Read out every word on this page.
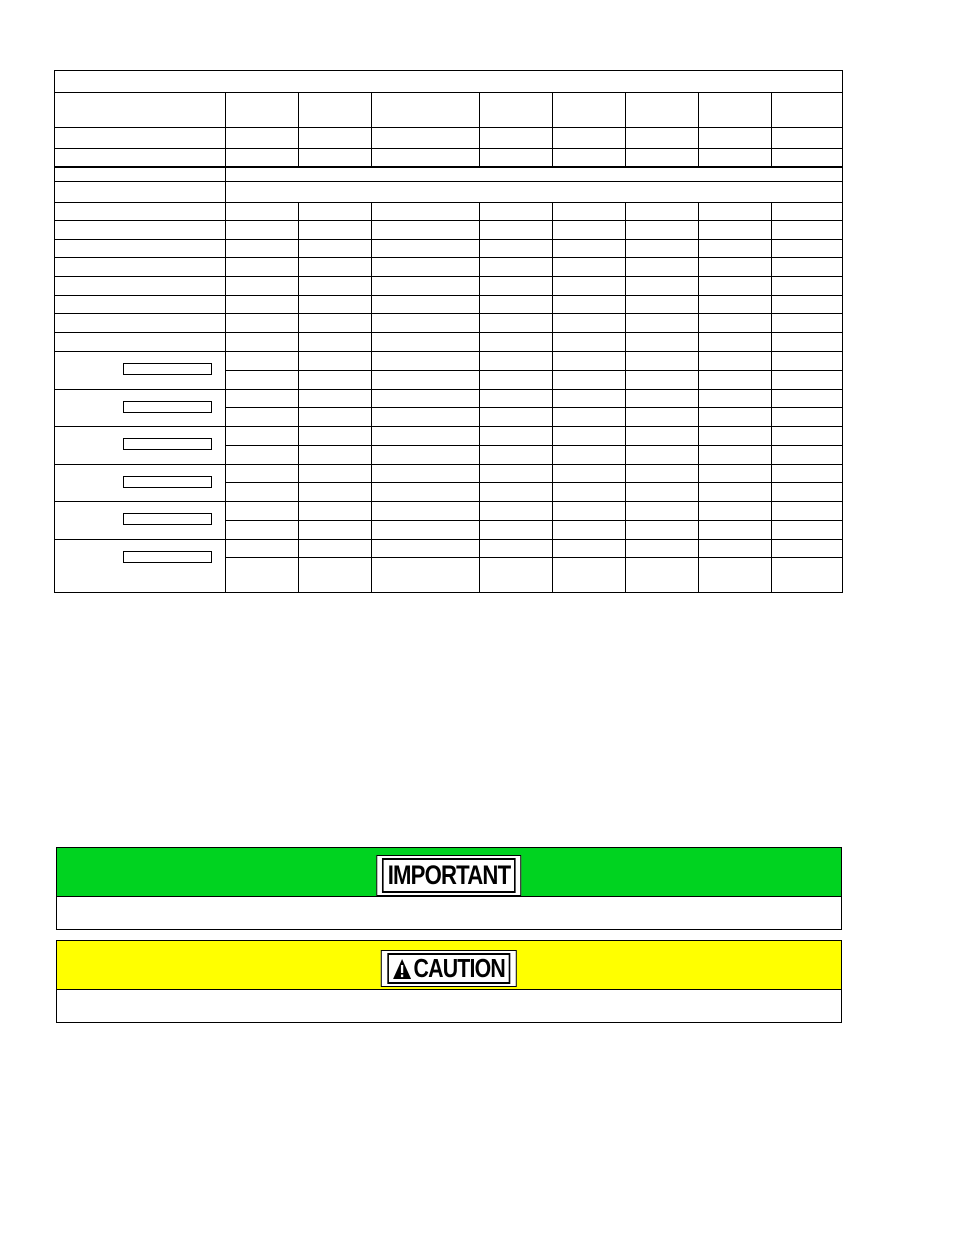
IMPORTANT
CAUTION
